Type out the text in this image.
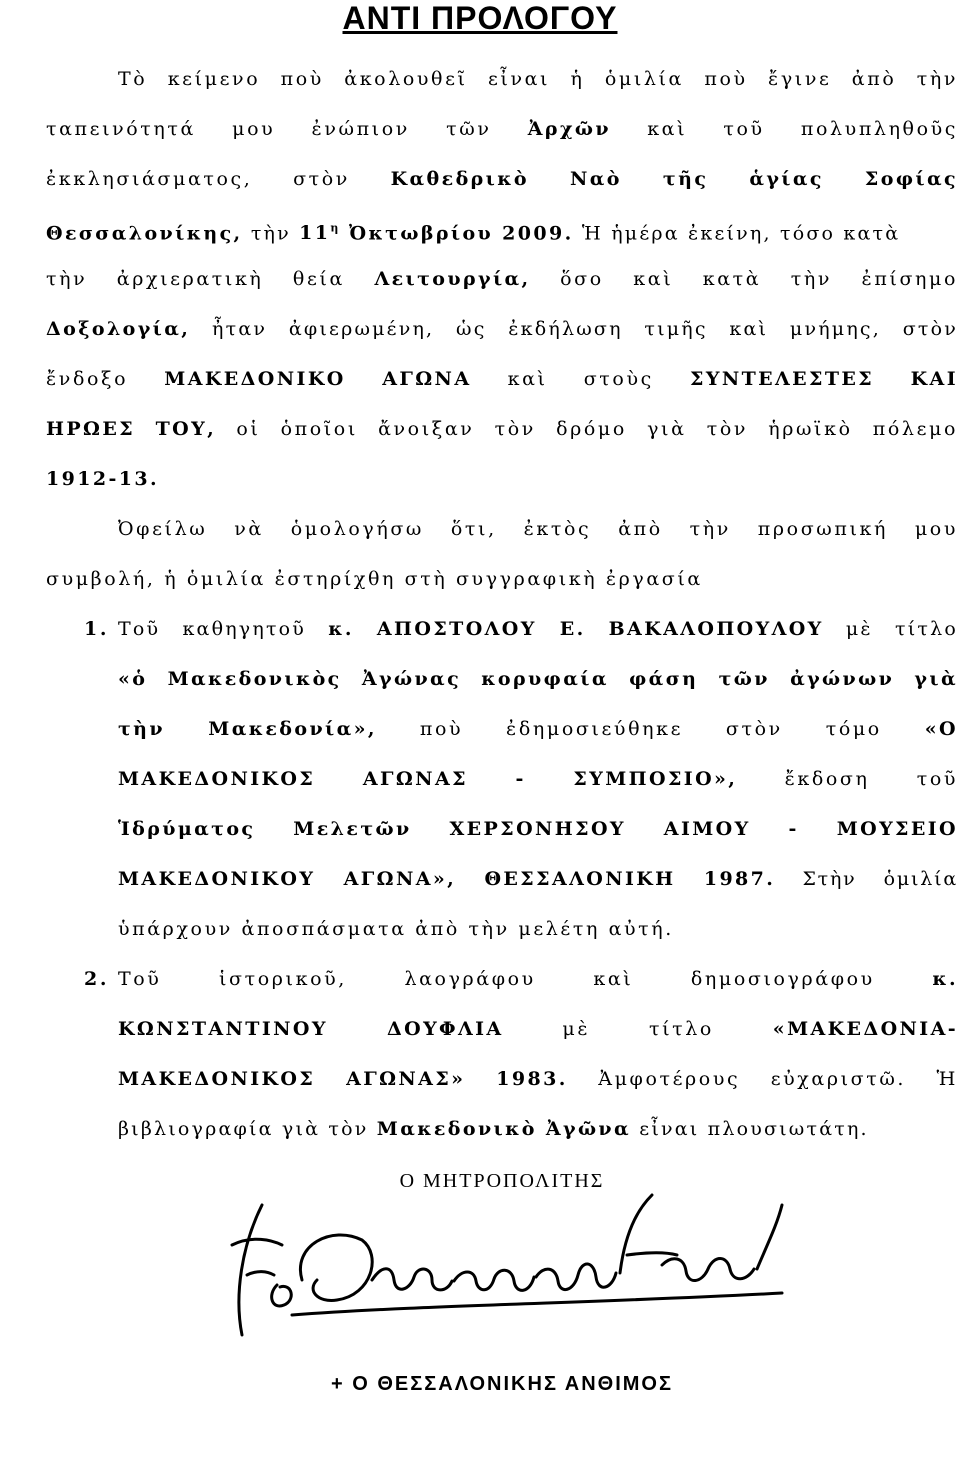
ΑΝΤΙ ΠΡΟΛΟΓΟΥ

Τὸ κείμενο ποὺ ἀκολουθεῖ εἶναι ἡ ὁμιλία ποὺ ἔγινε ἀπὸ τὴν

ταπεινότητά μου ἐνώπιον τῶν Ἀρχῶν καὶ τοῦ πολυπληθοῦς

ἐκκλησιάσματος, στὸν Καθεδρικὸ Ναὸ τῆς ἁγίας Σοφίας

Θεσσαλονίκης, τὴν $11^\eta$ Ὀκτωβρίου 2009. Ἡ ἡμέρα ἐκείνη, τόσο κατὰ

τὴν ἀρχιερατικὴ θεία Λειτουργία, ὅσο καὶ κατὰ τὴν ἐπίσημο

Δοξολογία, ἦταν ἀφιερωμένη, ὡς ἐκδήλωση τιμῆς καὶ μνήμης, στὸν

ἔνδοξο ΜΑΚΕΔΟΝΙΚΟ ΑΓΩΝΑ καὶ στοὺς ΣΥΝΤΕΛΕΣΤΕΣ ΚΑΙ

ΗΡΩΕΣ ΤΟΥ, οἱ ὁποῖοι ἄνοιξαν τὸν δρόμο γιὰ τὸν ἡρωϊκὸ πόλεμο

1912-13.

Ὀφείλω νὰ ὁμολογήσω ὅτι, ἐκτὸς ἀπὸ τὴν προσωπική μου

συμβολή, ἡ ὁμιλία ἐστηρίχθη στὴ συγγραφικὴ ἐργασία

1. Τοῦ καθηγητοῦ κ. ΑΠΟΣΤΟΛΟΥ Ε. ΒΑΚΑΛΟΠΟΥΛΟΥ μὲ τίτλο

«ὁ Μακεδονικὸς Ἀγώνας κορυφαία φάση τῶν ἀγώνων γιὰ

τὴν Μακεδονία», ποὺ ἐδημοσιεύθηκε στὸν τόμο «Ο

ΜΑΚΕΔΟΝΙΚΟΣ ΑΓΩΝΑΣ - ΣΥΜΠΟΣΙΟ», ἔκδοση τοῦ

Ἱδρύματος Μελετῶν ΧΕΡΣΟΝΗΣΟΥ ΑΙΜΟΥ - ΜΟΥΣΕΙΟ

ΜΑΚΕΔΟΝΙΚΟΥ ΑΓΩΝΑ», ΘΕΣΣΑΛΟΝΙΚΗ 1987. Στὴν ὁμιλία

ὑπάρχουν ἀποσπάσματα ἀπὸ τὴν μελέτη αὐτή.

2. Τοῦ ἱστορικοῦ, λαογράφου καὶ δημοσιογράφου	κ.

ΚΩΝΣΤΑΝΤΙΝΟΥ ΔΟΥΦΛΙΑ	μὲ τίτλο	«ΜΑΚΕΔΟΝΙΑ-

ΜΑΚΕΔΟΝΙΚΟΣ ΑΓΩΝΑΣ» 1983. Ἀμφοτέρους εὐχαριστῶ. Ἡ

βιβλιογραφία γιὰ τὸν Μακεδονικὸ Ἀγῶνα εἶναι πλουσιωτάτη.

Ο ΜΗΤΡΟΠΟΛΙΤΗΣ
Ο Θεσσαλονίκης Ἄνθιμος
+ Ο ΘΕΣΣΑΛΟΝΙΚΗΣ ΑΝΘΙΜΟΣ
